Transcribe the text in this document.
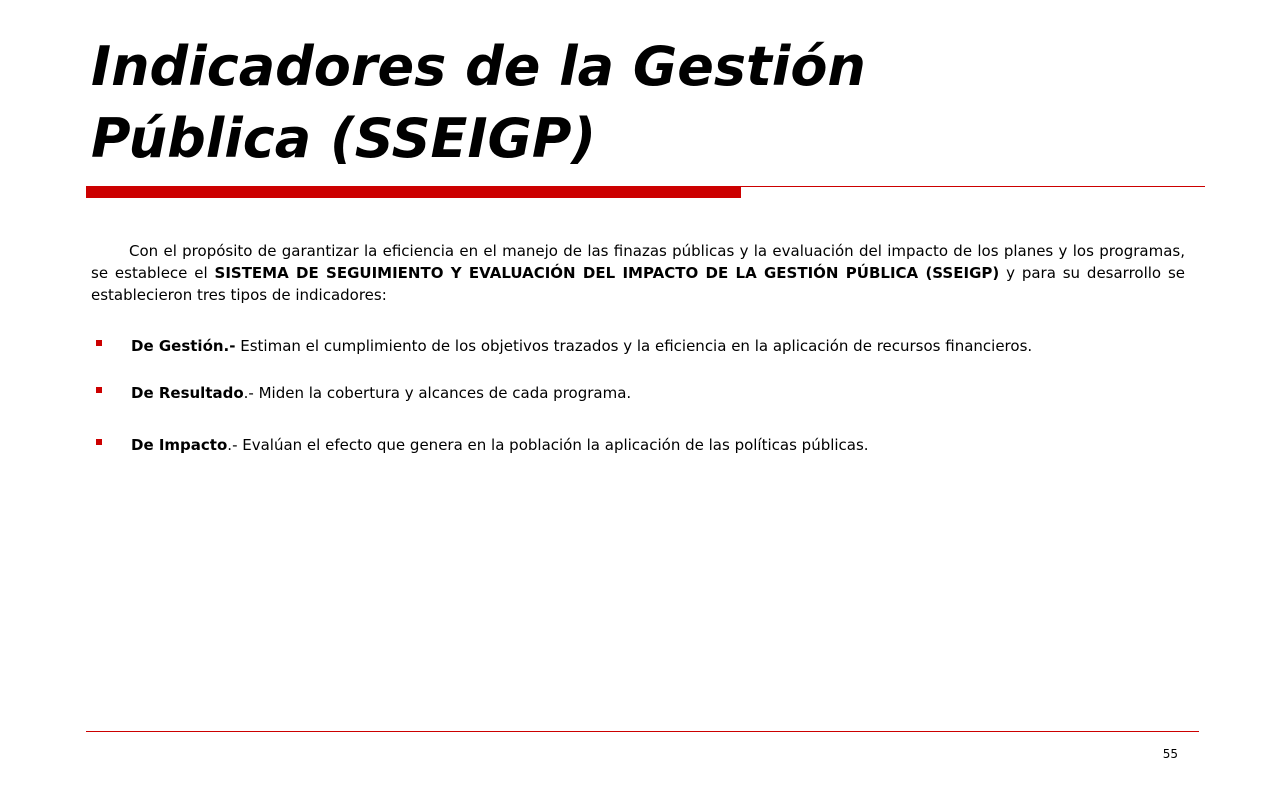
Indicadores de la Gestión
Pública (SSEIGP)

Con el propósito de garantizar la eficiencia en el manejo de las finazas públicas y la evaluación del impacto de los planes y los programas, se establece el SISTEMA DE SEGUIMIENTO Y EVALUACIÓN DEL IMPACTO DE LA GESTIÓN PÚBLICA (SSEIGP) y para su desarrollo se establecieron tres tipos de indicadores:

De Gestión.- Estiman el cumplimiento de los objetivos trazados y la eficiencia en la aplicación de recursos financieros.
De Resultado.- Miden la cobertura y alcances de cada programa.
De Impacto.- Evalúan el efecto que genera en la población la aplicación de las políticas públicas.
55
